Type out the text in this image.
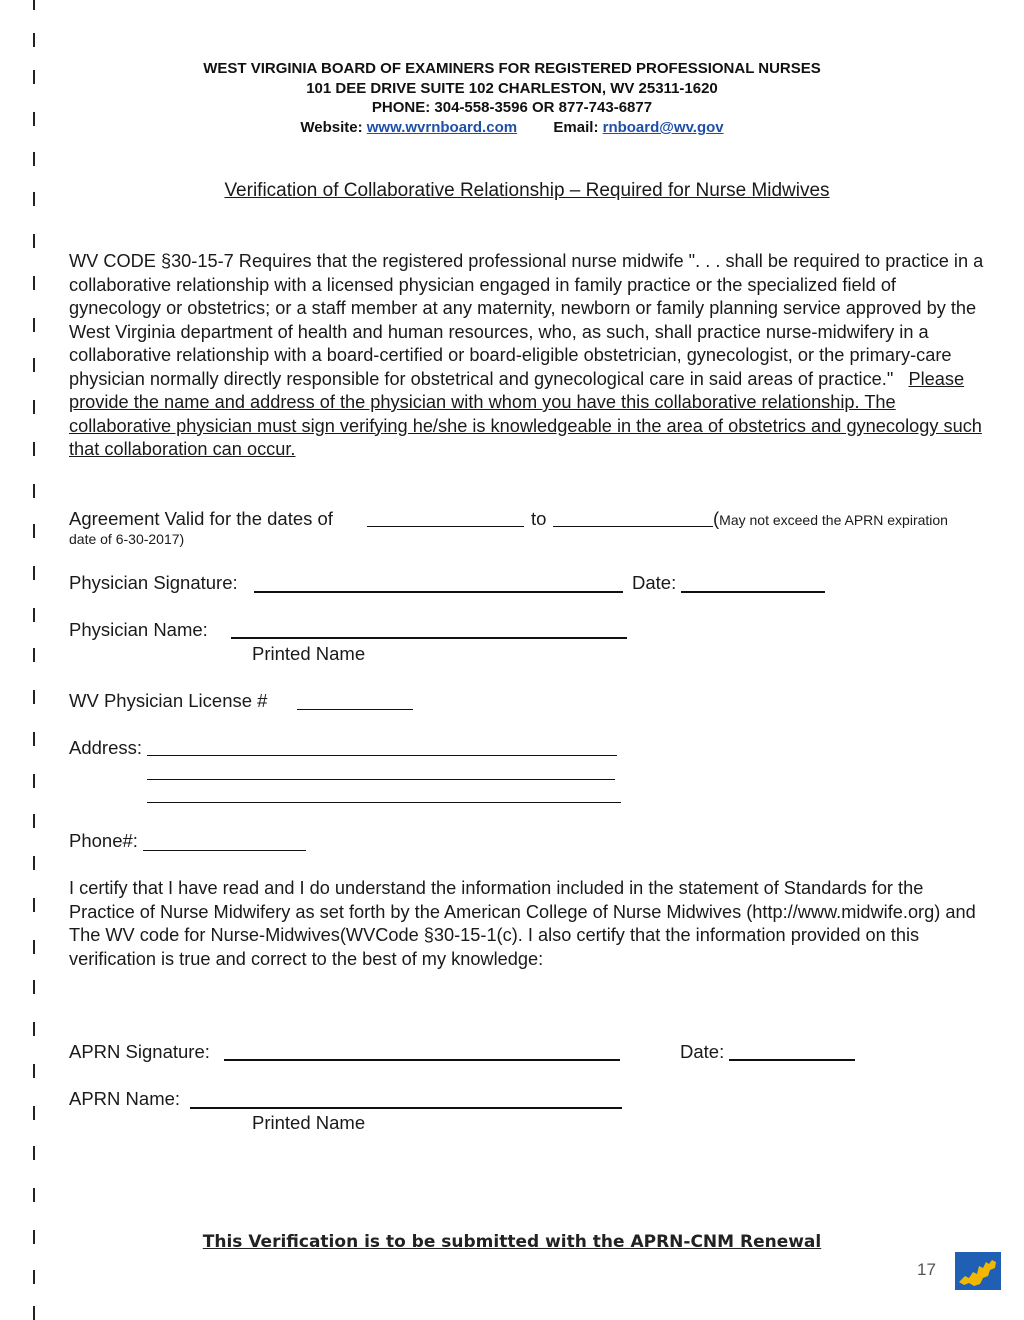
WEST VIRGINIA BOARD OF EXAMINERS FOR REGISTERED PROFESSIONAL NURSES
101 DEE DRIVE SUITE 102 CHARLESTON, WV 25311-1620
PHONE: 304-558-3596 OR 877-743-6877
Website: www.wvrnboard.com Email: rnboard@wv.gov
Verification of Collaborative Relationship – Required for Nurse Midwives
WV CODE §30-15-7 Requires that the registered professional nurse midwife ". . . shall be required to practice in a collaborative relationship with a licensed physician engaged in family practice or the specialized field of gynecology or obstetrics; or a staff member at any maternity, newborn or family planning service approved by the West Virginia department of health and human resources, who, as such, shall practice nurse-midwifery in a collaborative relationship with a board-certified or board-eligible obstetrician, gynecologist, or the primary-care physician normally directly responsible for obstetrical and gynecological care in said areas of practice." Please provide the name and address of the physician with whom you have this collaborative relationship. The collaborative physician must sign verifying he/she is knowledgeable in the area of obstetrics and gynecology such that collaboration can occur.
Agreement Valid for the dates of	to	(May not exceed the APRN expiration
date of 6-30-2017)
Physician Signature:	Date:
Physician Name:
Printed Name
WV Physician License #
Address:
Phone#:
I certify that I have read and I do understand the information included in the statement of Standards for the Practice of Nurse Midwifery as set forth by the American College of Nurse Midwives (http://www.midwife.org) and The WV code for Nurse-Midwives(WVCode §30-15-1(c). I also certify that the information provided on this verification is true and correct to the best of my knowledge:
APRN Signature:	Date:
APRN Name:
Printed Name
This Verification is to be submitted with the APRN-CNM Renewal
17
